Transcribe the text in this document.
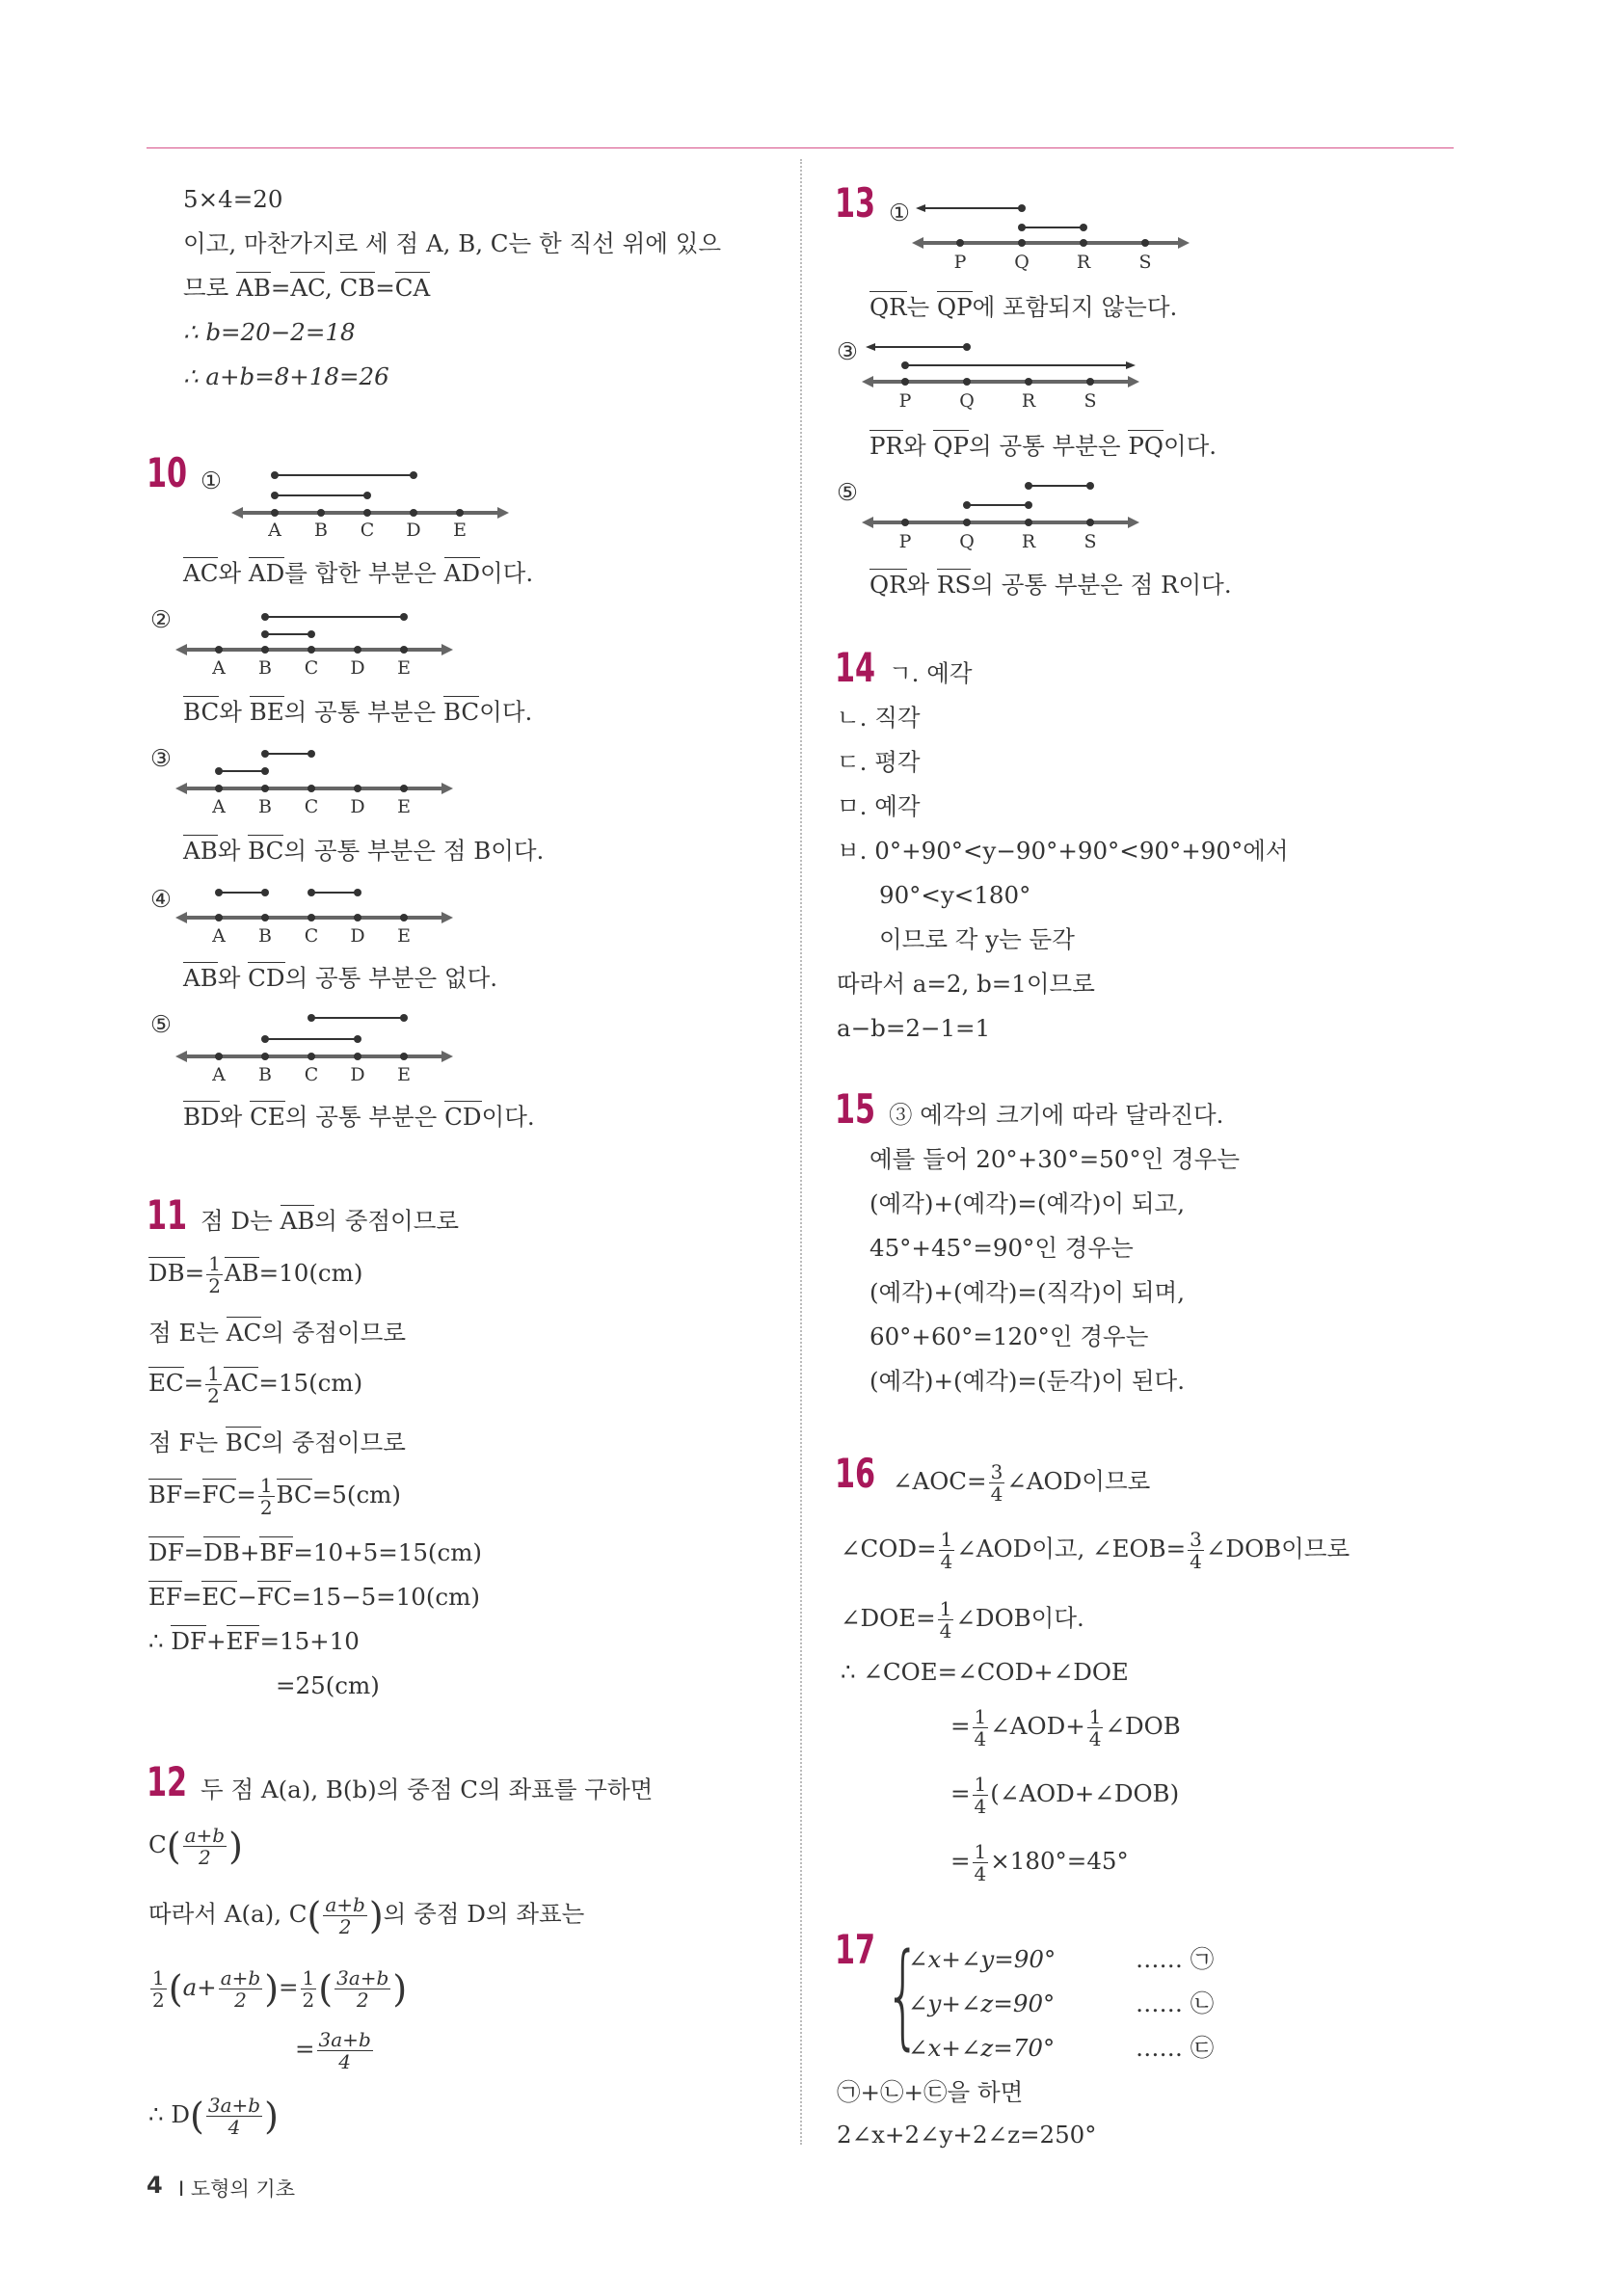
5×4=20
이고, 마찬가지로 세 점 A, B, C는 한 직선 위에 있으
므로 AB=AC, CB=CA
∴ b=20−2=18
∴ a+b=8+18=26
10 ①
A B C D E
AC와 AD를 합한 부분은 AD이다.
②
A B C D E
BC와 BE의 공통 부분은 BC이다.
③
A B C D E
AB와 BC의 공통 부분은 점 B이다.
④
A B C D E
AB와 CD의 공통 부분은 없다.
⑤
A B C D E
BD와 CE의 공통 부분은 CD이다.
11 점 D는 AB의 중점이므로
$DB= \frac{1}{2} AB=10(cm)$
점 E는 AC의 중점이므로
$EC= \frac{1}{2} AC=15(cm)$
점 F는 BC의 중점이므로
$BF=FC= \frac{1}{2} BC=5(cm)$
DF=DB+BF=10+5=15(cm)
EF=EC−FC=15−5=10(cm)
∴ DF+EF=15+10
=25(cm)
12 두 점 A(a), B(b)의 중점 C의 좌표를 구하면
$C( \frac{a+b}{2}$ )
따라서 A(a), $C( \frac{a+b}{2}$ )의 중점 D의 좌표는
$\frac{1}{2} (a+ \frac{a+b}{2}$ )= $\frac{1}{2}$ ( $\frac{3a+b}{2}$ )
= $\frac{3a+b}{4}$
∴ $D( \frac{3a+b}{4}$ )
13 ①
P	Q	R	S
QR는 QP에 포함되지 않는다.
③
P	Q	R	S
PR와 QP의 공통 부분은 PQ이다.
⑤
P	Q	R	S
QR와 RS의 공통 부분은 점 R이다.
14 ㄱ. 예각
ㄴ. 직각
ㄷ. 평각
ㅁ. 예각
ㅂ. 0°+90°<y−90°+90°<90°+90°에서
90°<y<180°
이므로 각 y는 둔각
따라서 a=2, b=1이므로
a−b=2−1=1
15 ③ 예각의 크기에 따라 달라진다.
예를 들어 20°+30°=50°인 경우는
(예각)+(예각)=(예각)이 되고,
45°+45°=90°인 경우는
(예각)+(예각)=(직각)이 되며,
60°+60°=120°인 경우는
(예각)+(예각)=(둔각)이 된다.
16 ∠AOC= $\frac{3}{4}$ ∠AOD이므로
∠COD= $\frac{1}{4}$ ∠AOD이고, ∠EOB= $\frac{3}{4}$ ∠DOB이므로
∠DOE= $\frac{1}{4}$ ∠DOB이다.
∴ ∠COE=∠COD+∠DOE
= $\frac{1}{4}$ ∠AOD+ $\frac{1}{4}$ ∠DOB
= $\frac{1}{4}$ (∠AOD+∠DOB)
= $\frac{1}{4} \times 180^\circ=45^\circ$
17 {
∠x+∠y=90°	…… ㉠
∠y+∠z=90°	…… ㉡
∠x+∠z=70°	…… ㉢
㉠+㉡+㉢을 하면
2∠x+2∠y+2∠z=250°
4 Ⅰ 도형의 기초
